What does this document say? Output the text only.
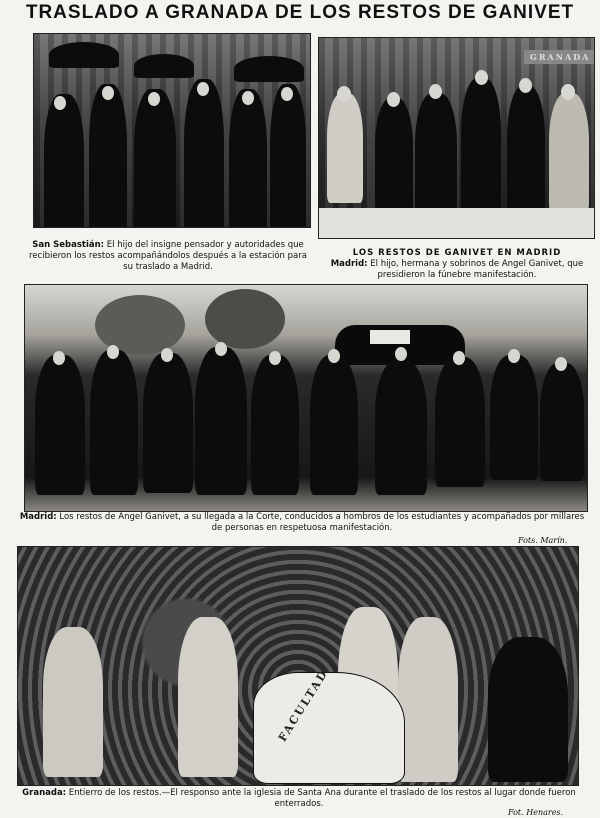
TRASLADO A GRANADA DE LOS RESTOS DE GANIVET
San Sebastián: El hijo del insigne pensador y autoridades que recibieron los restos acompañándolos después a la estación para su traslado a Madrid.
GRANADA
LOS RESTOS DE GANIVET EN MADRID
Madrid: El hijo, hermana y sobrinos de Angel Ganivet, que presidieron la fúnebre manifestación.
Madrid: Los restos de Angel Ganivet, a su llegada a la Corte, conducidos a hombros de los estudiantes y acompañados por millares de personas en respetuosa manifestación.
Fots. Marín.
FACULTAD
Granada: Entierro de los restos.—El responso ante la iglesia de Santa Ana durante el traslado de los restos al lugar donde fueron enterrados.
Fot. Henares.
